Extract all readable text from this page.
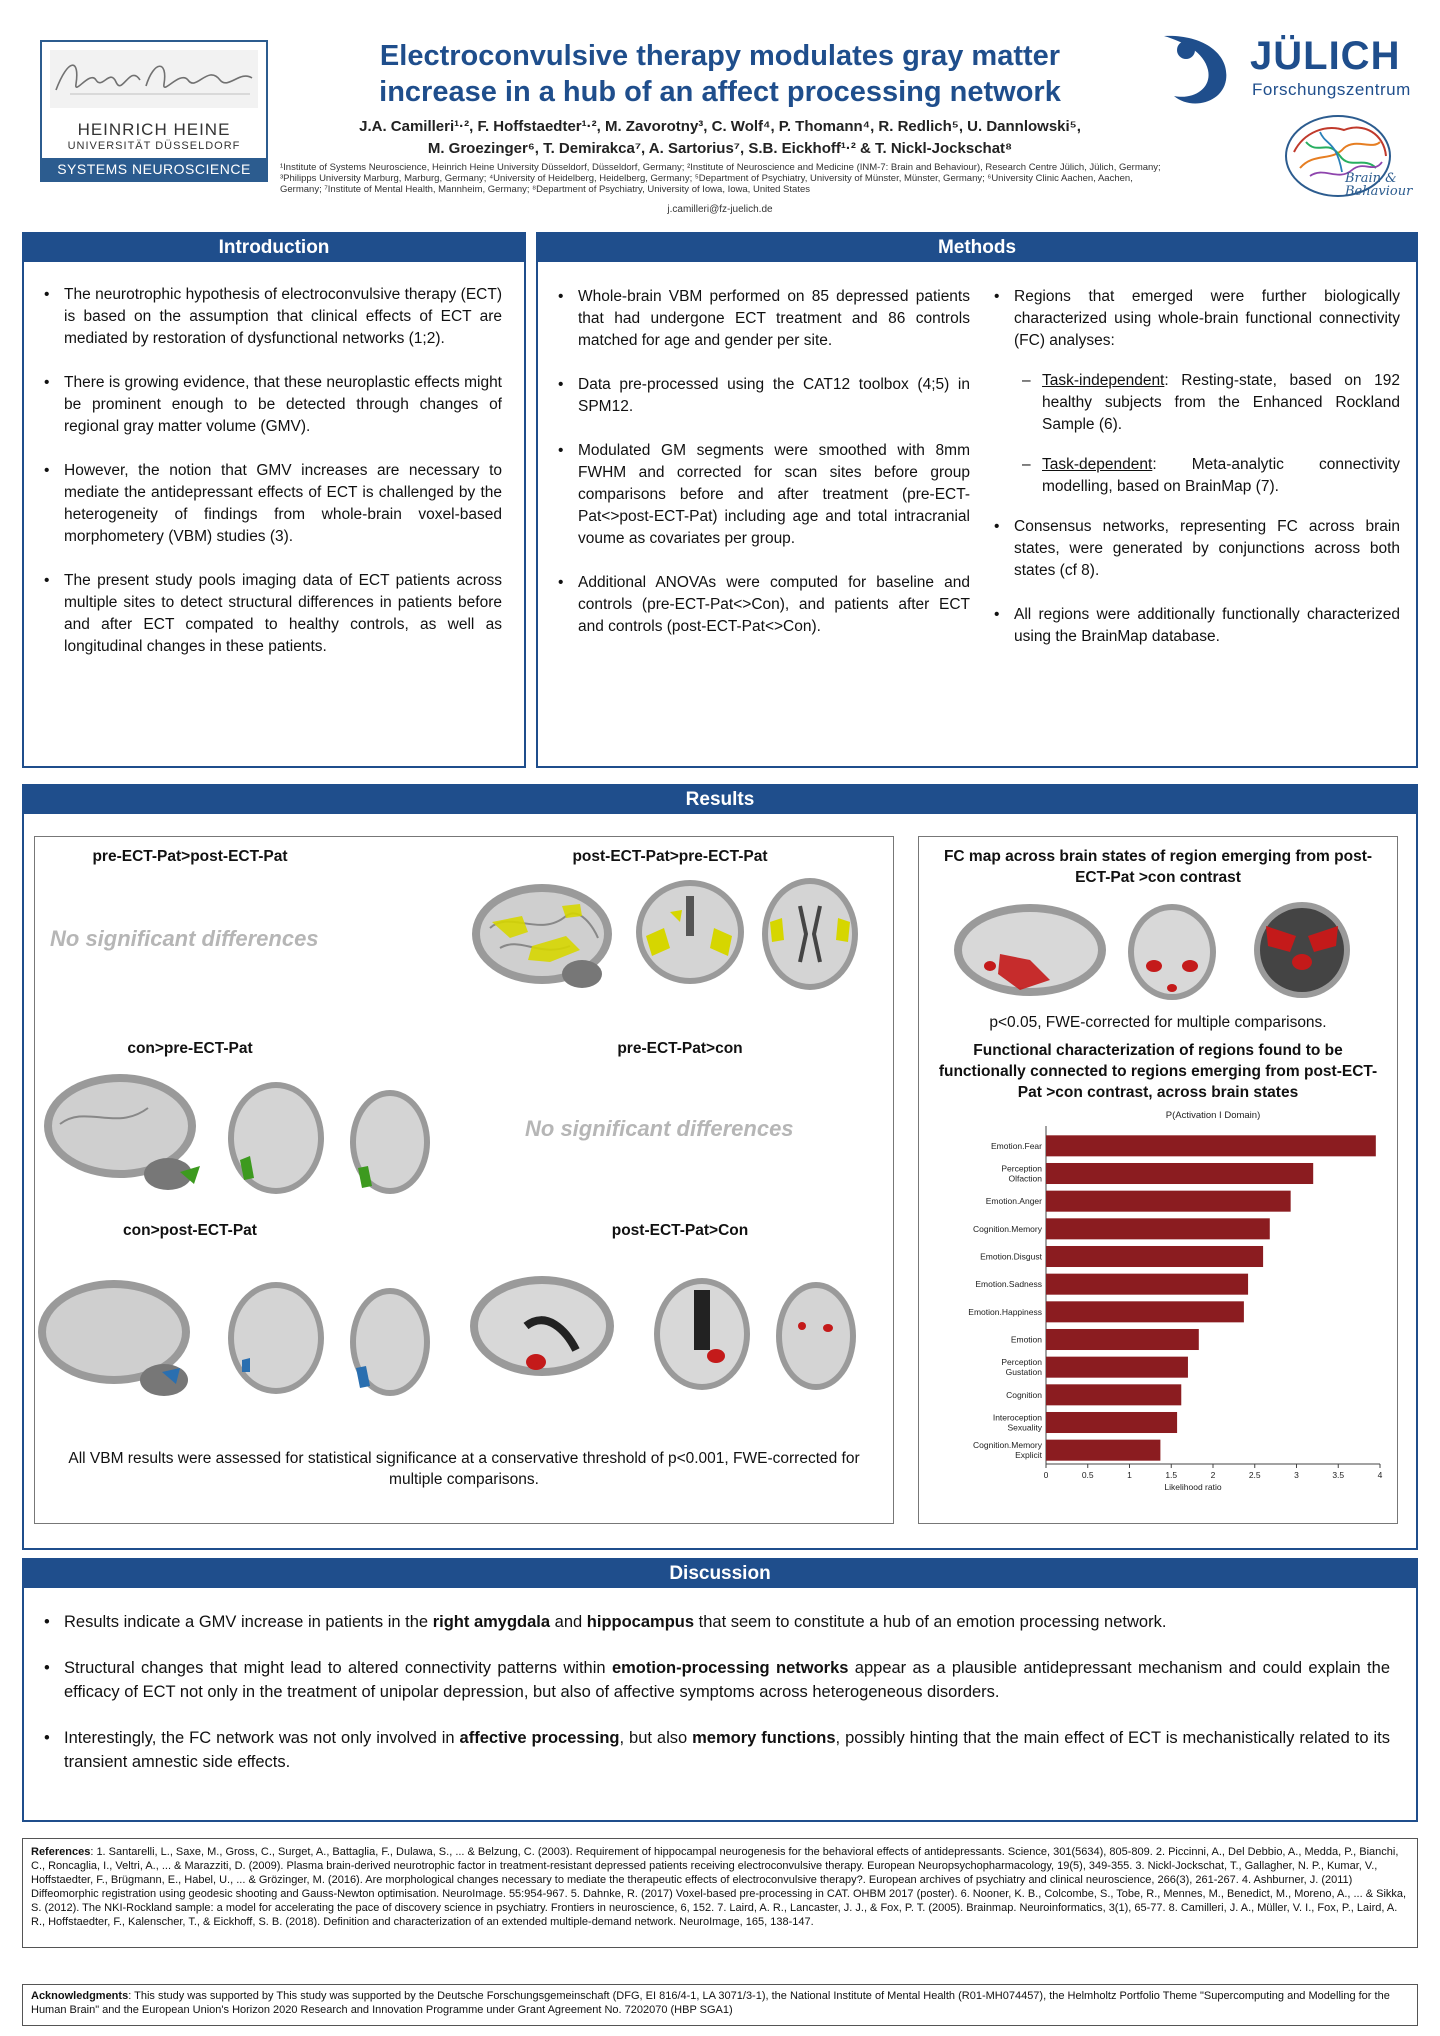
HEINRICH HEINE
UNIVERSITÄT DÜSSELDORF
SYSTEMS NEUROSCIENCE
Electroconvulsive therapy modulates gray matter
increase in a hub of an affect processing network
J.A. Camilleri¹·², F. Hoffstaedter¹·², M. Zavorotny³, C. Wolf⁴, P. Thomann⁴, R. Redlich⁵, U. Dannlowski⁵,
M. Groezinger⁶, T. Demirakca⁷, A. Sartorius⁷, S.B. Eickhoff¹·² & T. Nickl-Jockschat⁸
¹Institute of Systems Neuroscience, Heinrich Heine University Düsseldorf, Düsseldorf, Germany; ²Institute of Neuroscience and Medicine (INM-7: Brain and Behaviour), Research Centre Jülich, Jülich, Germany; ³Philipps University Marburg, Marburg, Germany; ⁴University of Heidelberg, Heidelberg, Germany; ⁵Department of Psychiatry, University of Münster, Münster, Germany; ⁶University Clinic Aachen, Aachen, Germany; ⁷Institute of Mental Health, Mannheim, Germany; ⁸Department of Psychiatry, University of Iowa, Iowa, United States
j.camilleri@fz-juelich.de
JÜLICH
Forschungszentrum
Brain &
Behaviour
Introduction
• The neurotrophic hypothesis of electroconvulsive therapy (ECT) is based on the assumption that clinical effects of ECT are mediated by restoration of dysfunctional networks (1;2).
• There is growing evidence, that these neuroplastic effects might be prominent enough to be detected through changes of regional gray matter volume (GMV).
• However, the notion that GMV increases are necessary to mediate the antidepressant effects of ECT is challenged by the heterogeneity of findings from whole-brain voxel-based morphometery (VBM) studies (3).
• The present study pools imaging data of ECT patients across multiple sites to detect structural differences in patients before and after ECT compated to healthy controls, as well as longitudinal changes in these patients.
Methods
• Whole-brain VBM performed on 85 depressed patients that had undergone ECT treatment and 86 controls matched for age and gender per site.
• Data pre-processed using the CAT12 toolbox (4;5) in SPM12.
• Modulated GM segments were smoothed with 8mm FWHM and corrected for scan sites before group comparisons before and after treatment (pre-ECT-Pat<>post-ECT-Pat) including age and total intracranial voume as covariates per group.
• Additional ANOVAs were computed for baseline and controls (pre-ECT-Pat<>Con), and patients after ECT and controls (post-ECT-Pat<>Con).
• Regions that emerged were further biologically characterized using whole-brain functional connectivity (FC) analyses:
– Task-independent: Resting-state, based on 192 healthy subjects from the Enhanced Rockland Sample (6).
– Task-dependent: Meta-analytic connectivity modelling, based on BrainMap (7).
• Consensus networks, representing FC across brain states, were generated by conjunctions across both states (cf 8).
• All regions were additionally functionally characterized using the BrainMap database.
Results
pre-ECT-Pat>post-ECT-Pat
No significant differences
post-ECT-Pat>pre-ECT-Pat
con>pre-ECT-Pat	pre-ECT-Pat>con
No significant differences
con>post-ECT-Pat	post-ECT-Pat>Con
All VBM results were assessed for statistical significance at a conservative threshold of p<0.001, FWE-corrected for multiple comparisons.
FC map across brain states of region emerging from post-ECT-Pat >con contrast
p<0.05, FWE-corrected for multiple comparisons.
Functional characterization of regions found to be functionally connected to regions emerging from post-ECT-Pat >con contrast, across brain states
P(Activation I Domain)
Emotion.Fear
Perception
Olfaction
Emotion.Anger
Cognition.Memory
Emotion.Disgust
Emotion.Sadness
Emotion.Happiness
Emotion
Perception
Gustation
Cognition
Interoception
Sexuality
Cognition.Memory
Explicit
0	0.5	1	1.5	2	2.5	3	3.5	4
Likelihood ratio
Discussion
• Results indicate a GMV increase in patients in the right amygdala and hippocampus that seem to constitute a hub of an emotion processing network.
• Structural changes that might lead to altered connectivity patterns within emotion-processing networks appear as a plausible antidepressant mechanism and could explain the efficacy of ECT not only in the treatment of unipolar depression, but also of affective symptoms across heterogeneous disorders.
• Interestingly, the FC network was not only involved in affective processing, but also memory functions, possibly hinting that the main effect of ECT is mechanistically related to its transient amnestic side effects.
References: 1. Santarelli, L., Saxe, M., Gross, C., Surget, A., Battaglia, F., Dulawa, S., ... & Belzung, C. (2003). Requirement of hippocampal neurogenesis for the behavioral effects of antidepressants. Science, 301(5634), 805-809. 2. Piccinni, A., Del Debbio, A., Medda, P., Bianchi, C., Roncaglia, I., Veltri, A., ... & Marazziti, D. (2009). Plasma brain-derived neurotrophic factor in treatment-resistant depressed patients receiving electroconvulsive therapy. European Neuropsychopharmacology, 19(5), 349-355. 3. Nickl-Jockschat, T., Gallagher, N. P., Kumar, V., Hoffstaedter, F., Brügmann, E., Habel, U., ... & Grözinger, M. (2016). Are morphological changes necessary to mediate the therapeutic effects of electroconvulsive therapy?. European archives of psychiatry and clinical neuroscience, 266(3), 261-267. 4. Ashburner, J. (2011) Diffeomorphic registration using geodesic shooting and Gauss-Newton optimisation. NeuroImage. 55:954-967. 5. Dahnke, R. (2017) Voxel-based pre-processing in CAT. OHBM 2017 (poster). 6. Nooner, K. B., Colcombe, S., Tobe, R., Mennes, M., Benedict, M., Moreno, A., ... & Sikka, S. (2012). The NKI-Rockland sample: a model for accelerating the pace of discovery science in psychiatry. Frontiers in neuroscience, 6, 152. 7. Laird, A. R., Lancaster, J. J., & Fox, P. T. (2005). Brainmap. Neuroinformatics, 3(1), 65-77. 8. Camilleri, J. A., Müller, V. I., Fox, P., Laird, A. R., Hoffstaedter, F., Kalenscher, T., & Eickhoff, S. B. (2018). Definition and characterization of an extended multiple-demand network. NeuroImage, 165, 138-147.
Acknowledgments: This study was supported by This study was supported by the Deutsche Forschungsgemeinschaft (DFG, EI 816/4-1, LA 3071/3-1), the National Institute of Mental Health (R01-MH074457), the Helmholtz Portfolio Theme "Supercomputing and Modelling for the Human Brain" and the European Union's Horizon 2020 Research and Innovation Programme under Grant Agreement No. 7202070 (HBP SGA1)
